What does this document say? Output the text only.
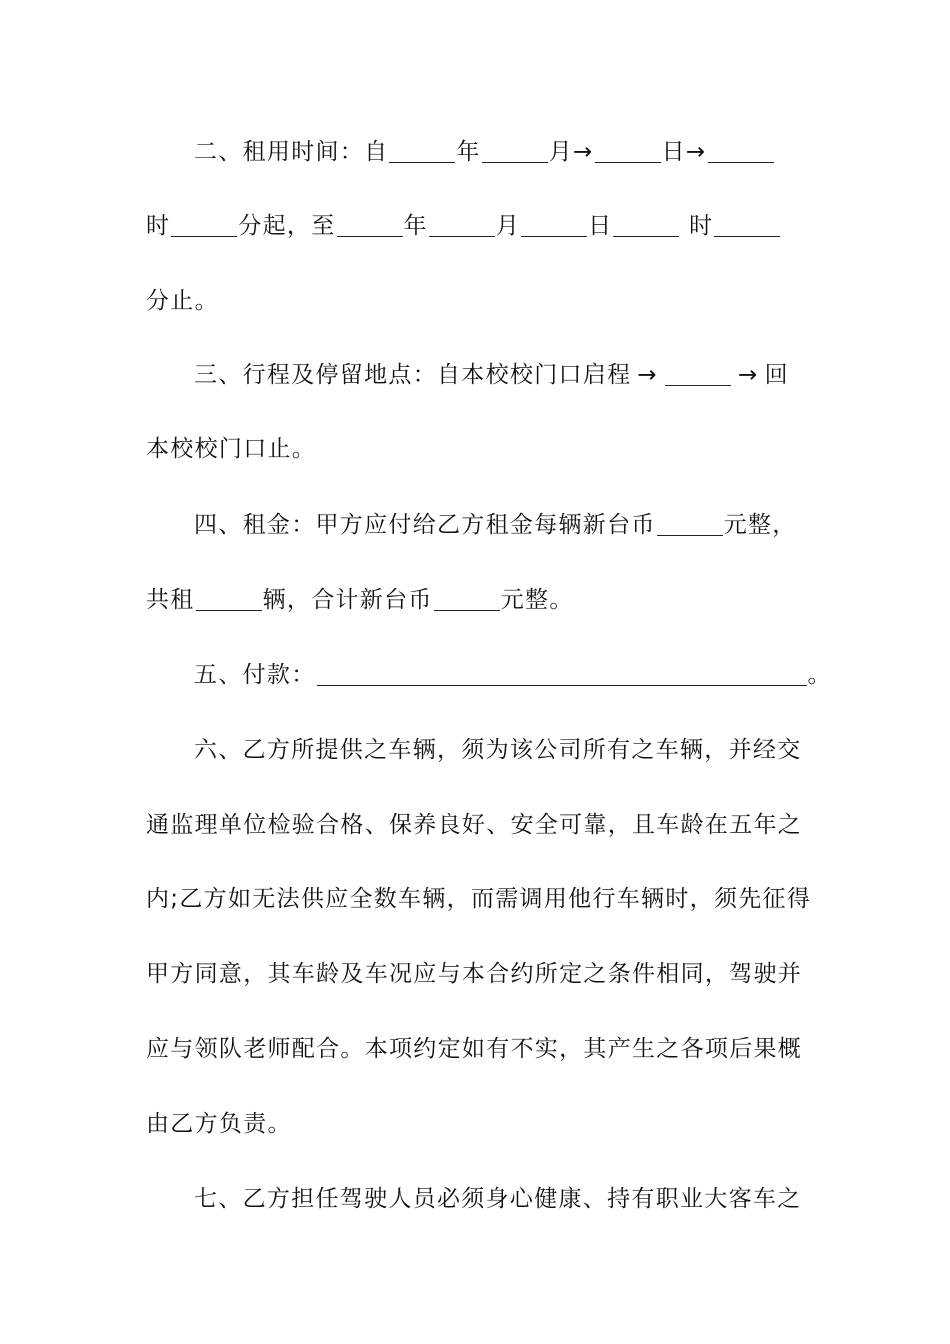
二、租用时间：自	年	月→	日→
时	分起，至	年	月	日	时
分止。
三、行程及停留地点：自本校校门口启程 →	→ 回
本校校门口止。
四、租金：甲方应付给乙方租金每辆新台币	元整，
共租	辆，合计新台币	元整。
五、付款：	。
六、乙方所提供之车辆，须为该公司所有之车辆，并经交
通监理单位检验合格、保养良好、安全可靠，且车龄在五年之
内;乙方如无法供应全数车辆，而需调用他行车辆时，须先征得
甲方同意，其车龄及车况应与本合约所定之条件相同，驾驶并
应与领队老师配合。本项约定如有不实，其产生之各项后果概
由乙方负责。
七、乙方担任驾驶人员必须身心健康、持有职业大客车之
